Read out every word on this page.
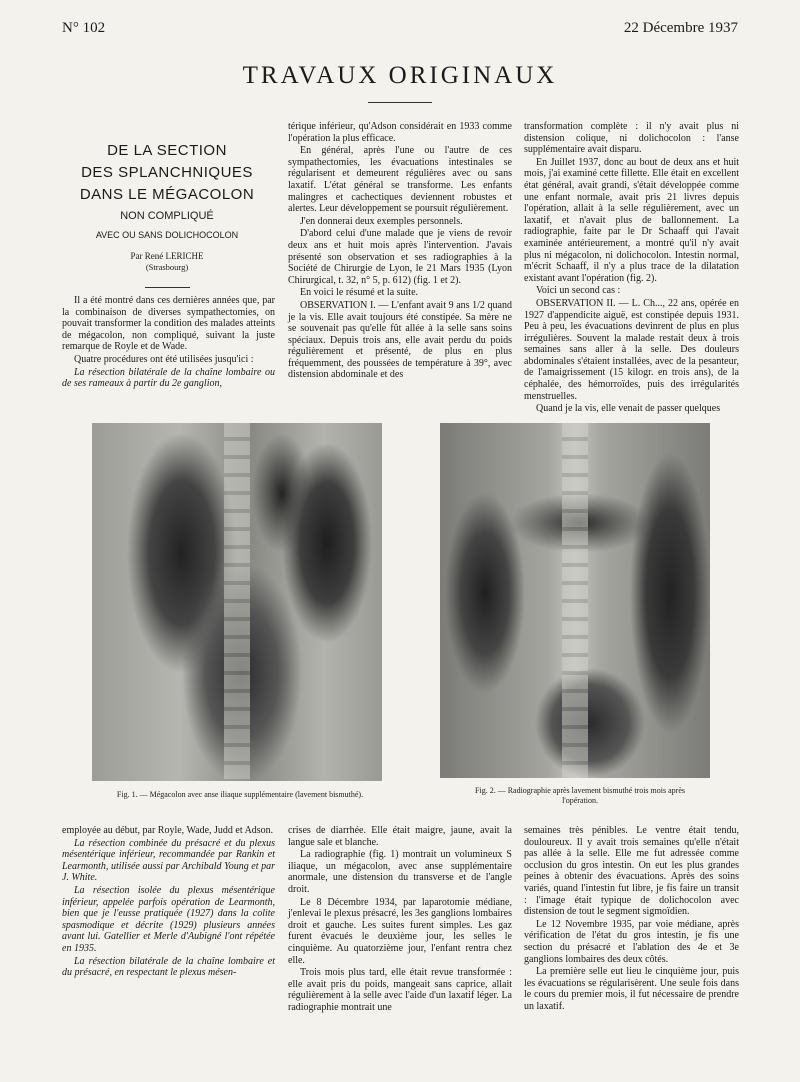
N° 102	22 Décembre 1937
TRAVAUX ORIGINAUX
DE LA SECTION
DES SPLANCHNIQUES
DANS LE MÉGACOLON
NON COMPLIQUÉ
AVEC OU SANS DOLICHOCOLON
Par René LERICHE
(Strasbourg)

Il a été montré dans ces dernières années que, par la combinaison de diverses sympathectomies, on pouvait transformer la condition des malades atteints de mégacolon, non compliqué, suivant la juste remarque de Royle et de Wade.

Quatre procédures ont été utilisées jusqu'ici :

La résection bilatérale de la chaîne lombaire ou de ses rameaux à partir du 2e ganglion,

térique inférieur, qu'Adson considérait en 1933 comme l'opération la plus efficace.

En général, après l'une ou l'autre de ces sympathectomies, les évacuations intestinales se régularisent et demeurent régulières avec ou sans laxatif. L'état général se transforme. Les enfants malingres et cachectiques deviennent robustes et alertes. Leur développement se poursuit régulièrement.

J'en donnerai deux exemples personnels.

D'abord celui d'une malade que je viens de revoir deux ans et huit mois après l'intervention. J'avais présenté son observation et ses radiographies à la Société de Chirurgie de Lyon, le 21 Mars 1935 (Lyon Chirurgical, t. 32, n° 5, p. 612) (fig. 1 et 2).

En voici le résumé et la suite.

OBSERVATION I. — L'enfant avait 9 ans 1/2 quand je la vis. Elle avait toujours été constipée. Sa mère ne se souvenait pas qu'elle fût allée à la selle sans soins spéciaux. Depuis trois ans, elle avait perdu du poids régulièrement et présenté, de plus en plus fréquemment, des poussées de température à 39°, avec distension abdominale et des

transformation complète : il n'y avait plus ni distension colique, ni dolichocolon : l'anse supplémentaire avait disparu.

En Juillet 1937, donc au bout de deux ans et huit mois, j'ai examiné cette fillette. Elle était en excellent état général, avait grandi, s'était développée comme une enfant normale, avait pris 21 livres depuis l'opération, allait à la selle régulièrement, avec un laxatif, et n'avait plus de ballonnement. La radiographie, faite par le Dr Schaaff qui l'avait examinée antérieurement, a montré qu'il n'y avait plus ni mégacolon, ni dolichocolon. Intestin normal, m'écrit Schaaff, il n'y a plus trace de la dilatation existant avant l'opération (fig. 2).

Voici un second cas :

OBSERVATION II. — L. Ch..., 22 ans, opérée en 1927 d'appendicite aiguë, est constipée depuis 1931. Peu à peu, les évacuations devinrent de plus en plus irrégulières. Souvent la malade restait deux à trois semaines sans aller à la selle. Des douleurs abdominales s'étaient installées, avec de la pesanteur, de l'amaigrissement (15 kilogr. en trois ans), de la céphalée, des hémorroïdes, puis des irrégularités menstruelles.

Quand je la vis, elle venait de passer quelques

Fig. 1. — Mégacolon avec anse iliaque supplémentaire (lavement bismuthé).	Fig. 2. — Radiographie après lavement bismuthé trois mois après l'opération.

employée au début, par Royle, Wade, Judd et Adson.

La résection combinée du présacré et du plexus mésentérique inférieur, recommandée par Rankin et Learmonth, utilisée aussi par Archibald Young et par J. White.

La résection isolée du plexus mésentérique inférieur, appelée parfois opération de Learmonth, bien que je l'eusse pratiquée (1927) dans la colite spasmodique et décrite (1929) plusieurs années avant lui. Gatellier et Merle d'Aubigné l'ont répétée en 1935.

La résection bilatérale de la chaîne lombaire et du présacré, en respectant le plexus mésen-

crises de diarrhée. Elle était maigre, jaune, avait la langue sale et blanche.

La radiographie (fig. 1) montrait un volumineux S iliaque, un mégacolon, avec anse supplémentaire anormale, une distension du transverse et de l'angle droit.

Le 8 Décembre 1934, par laparotomie médiane, j'enlevai le plexus présacré, les 3es ganglions lombaires droit et gauche. Les suites furent simples. Les gaz furent évacués le deuxième jour, les selles le cinquième. Au quatorzième jour, l'enfant rentra chez elle.

Trois mois plus tard, elle était revue transformée : elle avait pris du poids, mangeait sans caprice, allait régulièrement à la selle avec l'aide d'un laxatif léger. La radiographie montrait une

semaines très pénibles. Le ventre était tendu, douloureux. Il y avait trois semaines qu'elle n'était pas allée à la selle. Elle me fut adressée comme occlusion du gros intestin. On eut les plus grandes peines à obtenir des évacuations. Après des soins variés, quand l'intestin fut libre, je fis faire un transit : l'image était typique de dolichocolon avec distension de tout le segment sigmoïdien.

Le 12 Novembre 1935, par voie médiane, après vérification de l'état du gros intestin, je fis une section du présacré et l'ablation des 4e et 3e ganglions lombaires des deux côtés.

La première selle eut lieu le cinquième jour, puis les évacuations se régularisèrent. Une seule fois dans le cours du premier mois, il fut nécessaire de prendre un laxatif.
